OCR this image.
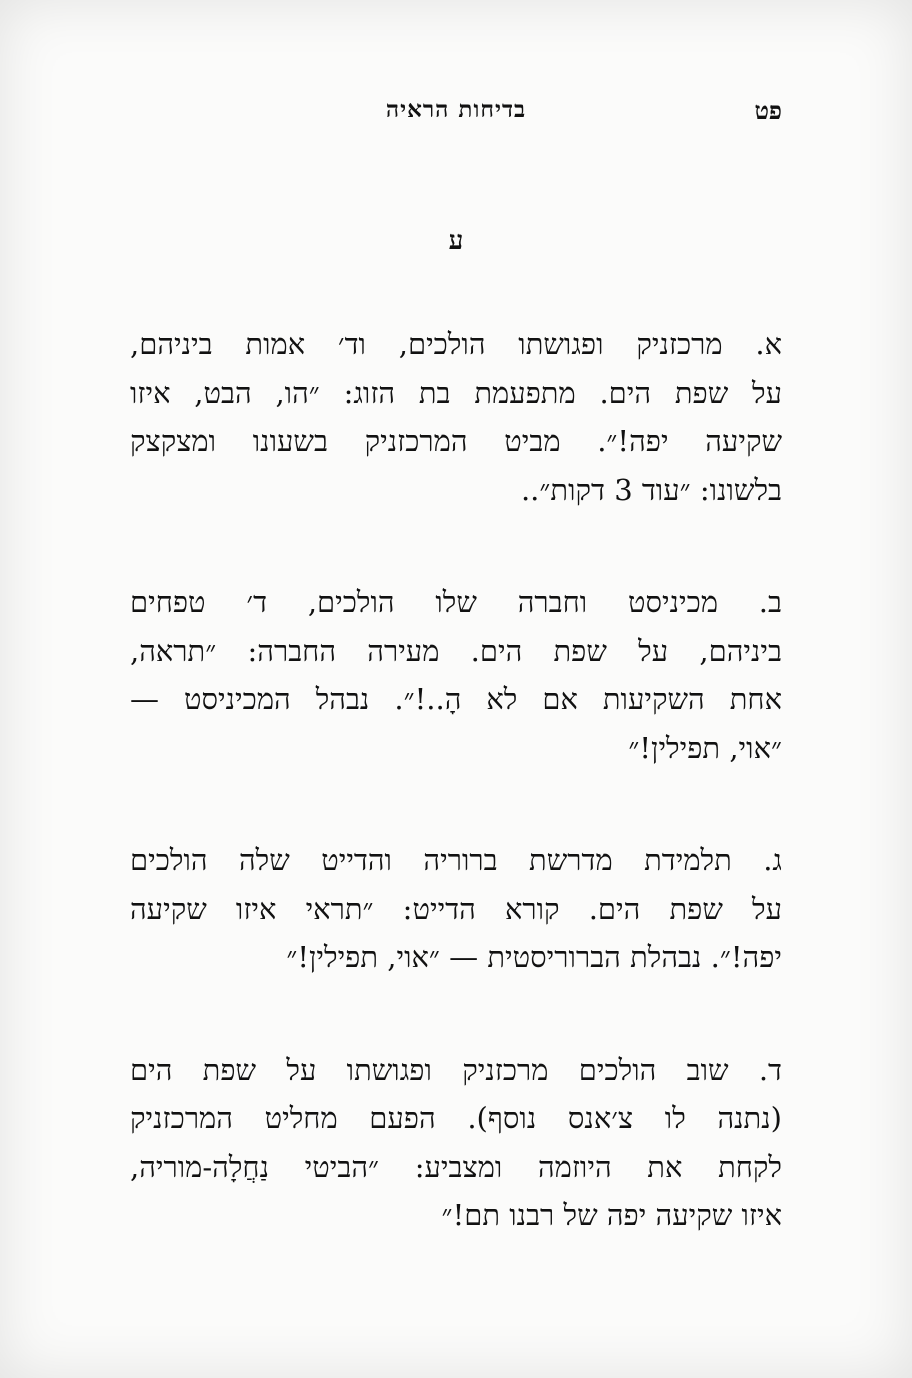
פט
בדיחות הראיה
ע

א. מרכזניק ופגושתו הולכים, וד׳ אמות ביניהם,
על שפת הים. מתפעמת בת הזוג: ״הו, הבט, איזו
שקיעה יפה!״. מביט המרכזניק בשעונו ומצקצק
בלשונו: ״עוד 3 דקות״..

ב. מכיניסט וחברה שלו הולכים, ד׳ טפחים
ביניהם, על שפת הים. מעירה החברה: ״תראה,
אחת השקיעות אם לא הָ..!״. נבהל המכיניסט —
״אוי, תפילין!״

ג. תלמידת מדרשת ברוריה והדייט שלה הולכים
על שפת הים. קורא הדייט: ״תראי איזו שקיעה
יפה!״. נבהלת הברוריסטית — ״אוי, תפילין!״

ד. שוב הולכים מרכזניק ופגושתו על שפת הים
(נתנה לו צ׳אנס נוסף). הפעם מחליט המרכזניק
לקחת את היוזמה ומצביע: ״הביטי נַחֲלָה-מוריה,
איזו שקיעה יפה של רבנו תם!״
